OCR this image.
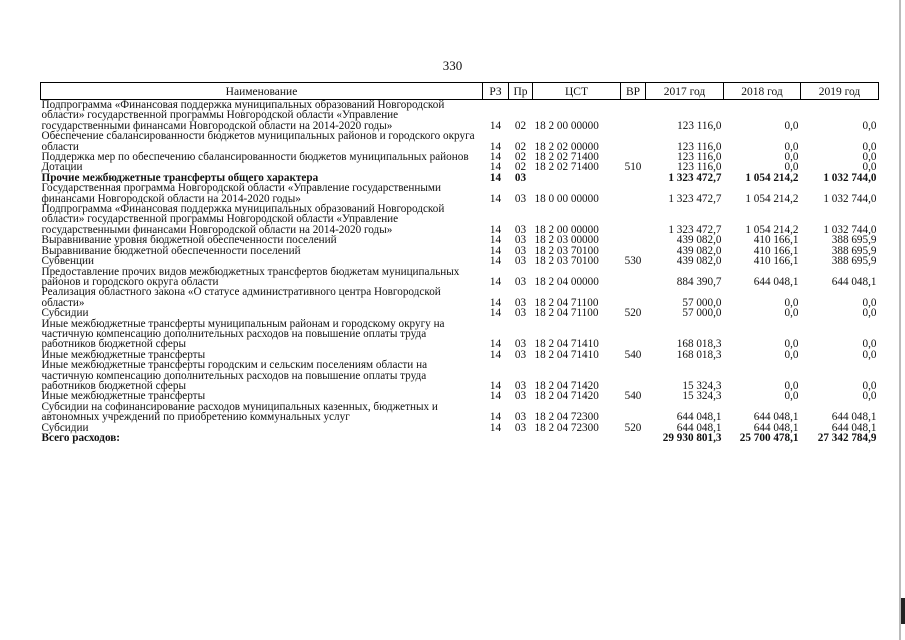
330
Наименование	РЗ	Пр	ЦСТ	ВР	2017 год	2018 год	2019 год
Подпрограмма «Финансовая поддержка муниципальных образований Новгородской области» государственной программы Новгородской области «Управление государственными финансами Новгородской области на 2014-2020 годы»	14	02	18 2 00 00000		123 116,0	0,0	0,0
Обеспечение сбалансированности бюджетов муниципальных районов и городского округа области	14	02	18 2 02 00000		123 116,0	0,0	0,0
Поддержка мер по обеспечению сбалансированности бюджетов муниципальных районов	14	02	18 2 02 71400		123 116,0	0,0	0,0
Дотации	14	02	18 2 02 71400	510	123 116,0	0,0	0,0
Прочие межбюджетные трансферты общего характера	14	03			1 323 472,7	1 054 214,2	1 032 744,0
Государственная программа Новгородской области «Управление государственными финансами Новгородской области на 2014-2020 годы»	14	03	18 0 00 00000		1 323 472,7	1 054 214,2	1 032 744,0
Подпрограмма «Финансовая поддержка муниципальных образований Новгородской области» государственной программы Новгородской области «Управление государственными финансами Новгородской области на 2014-2020 годы»	14	03	18 2 00 00000		1 323 472,7	1 054 214,2	1 032 744,0
Выравнивание уровня бюджетной обеспеченности поселений	14	03	18 2 03 00000		439 082,0	410 166,1	388 695,9
Выравнивание бюджетной обеспеченности поселений	14	03	18 2 03 70100		439 082,0	410 166,1	388 695,9
Субвенции	14	03	18 2 03 70100	530	439 082,0	410 166,1	388 695,9
Предоставление прочих видов межбюджетных трансфертов бюджетам муниципальных районов и городского округа области	14	03	18 2 04 00000		884 390,7	644 048,1	644 048,1
Реализация областного закона «О статусе административного центра Новгородской области»	14	03	18 2 04 71100		57 000,0	0,0	0,0
Субсидии	14	03	18 2 04 71100	520	57 000,0	0,0	0,0
Иные межбюджетные трансферты муниципальным районам и городскому округу на частичную компенсацию дополнительных расходов на повышение оплаты труда работников бюджетной сферы	14	03	18 2 04 71410		168 018,3	0,0	0,0
Иные межбюджетные трансферты	14	03	18 2 04 71410	540	168 018,3	0,0	0,0
Иные межбюджетные трансферты городским и сельским поселениям области на частичную компенсацию дополнительных расходов на повышение оплаты труда работников бюджетной сферы	14	03	18 2 04 71420		15 324,3	0,0	0,0
Иные межбюджетные трансферты	14	03	18 2 04 71420	540	15 324,3	0,0	0,0
Субсидии на софинансирование расходов муниципальных казенных, бюджетных и автономных учреждений по приобретению коммунальных услуг	14	03	18 2 04 72300		644 048,1	644 048,1	644 048,1
Субсидии	14	03	18 2 04 72300	520	644 048,1	644 048,1	644 048,1
Всего расходов:					29 930 801,3	25 700 478,1	27 342 784,9
